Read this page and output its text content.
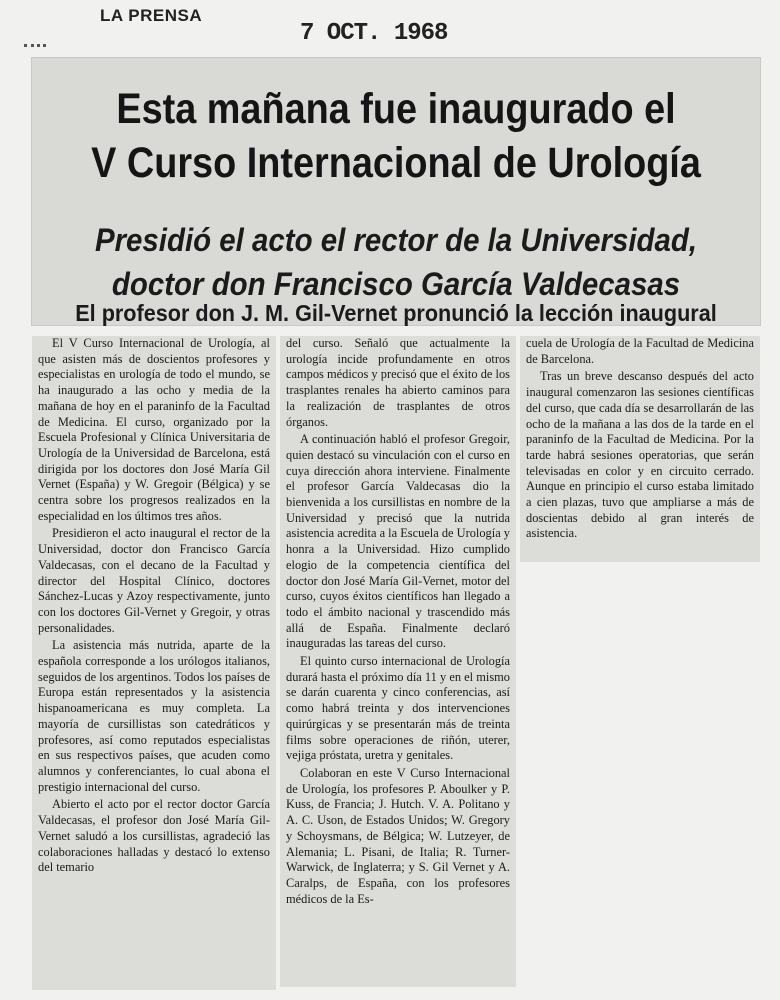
LA PRENSA
7 OCT. 1968
Esta mañana fue inaugurado el
V Curso Internacional de Urología
Presidió el acto el rector de la Universidad,
doctor don Francisco García Valdecasas
El profesor don J. M. Gil-Vernet pronunció la lección inaugural

El V Curso Internacional de Urología, al que asisten más de doscientos profesores y especialistas en urología de todo el mundo, se ha inaugurado a las ocho y media de la mañana de hoy en el paraninfo de la Facultad de Medicina. El curso, organizado por la Escuela Profesional y Clínica Universitaria de Urología de la Universidad de Barcelona, está dirigida por los doctores don José María Gil Vernet (España) y W. Gregoir (Bélgica) y se centra sobre los progresos realizados en la especialidad en los últimos tres años.

Presidieron el acto inaugural el rector de la Universidad, doctor don Francisco García Valdecasas, con el decano de la Facultad y director del Hospital Clínico, doctores Sánchez-Lucas y Azoy respectivamente, junto con los doctores Gil-Vernet y Gregoir, y otras personalidades.

La asistencia más nutrida, aparte de la española corresponde a los urólogos italianos, seguidos de los argentinos. Todos los países de Europa están representados y la asistencia hispanoamericana es muy completa. La mayoría de cursillistas son catedráticos y profesores, así como reputados especialistas en sus respectivos países, que acuden como alumnos y conferenciantes, lo cual abona el prestigio internacional del curso.

Abierto el acto por el rector doctor García Valdecasas, el profesor don José María Gil-Vernet saludó a los cursillistas, agradeció las colaboraciones halladas y destacó lo extenso del temario

del curso. Señaló que actualmente la urología incide profundamente en otros campos médicos y precisó que el éxito de los trasplantes renales ha abierto caminos para la realización de trasplantes de otros órganos.

A continuación habló el profesor Gregoir, quien destacó su vinculación con el curso en cuya dirección ahora interviene. Finalmente el profesor García Valdecasas dio la bienvenida a los cursillistas en nombre de la Universidad y precisó que la nutrida asistencia acredita a la Escuela de Urología y honra a la Universidad. Hizo cumplido elogio de la competencia científica del doctor don José María Gil-Vernet, motor del curso, cuyos éxitos científicos han llegado a todo el ámbito nacional y trascendido más allá de España. Finalmente declaró inauguradas las tareas del curso.

El quinto curso internacional de Urología durará hasta el próximo día 11 y en el mismo se darán cuarenta y cinco conferencias, así como habrá treinta y dos intervenciones quirúrgicas y se presentarán más de treinta films sobre operaciones de riñón, uterer, vejiga próstata, uretra y genitales.

Colaboran en este V Curso Internacional de Urología, los profesores P. Aboulker y P. Kuss, de Francia; J. Hutch. V. A. Politano y A. C. Uson, de Estados Unidos; W. Gregory y Schoysmans, de Bélgica; W. Lutzeyer, de Alemania; L. Pisani, de Italia; R. Turner-Warwick, de Inglaterra; y S. Gil Vernet y A. Caralps, de España, con los profesores médicos de la Es-

cuela de Urología de la Facultad de Medicina de Barcelona.

Tras un breve descanso después del acto inaugural comenzaron las sesiones científicas del curso, que cada día se desarrollarán de las ocho de la mañana a las dos de la tarde en el paraninfo de la Facultad de Medicina. Por la tarde habrá sesiones operatorias, que serán televisadas en color y en circuito cerrado. Aunque en principio el curso estaba limitado a cien plazas, tuvo que ampliarse a más de doscientas debido al gran interés de asistencia.
